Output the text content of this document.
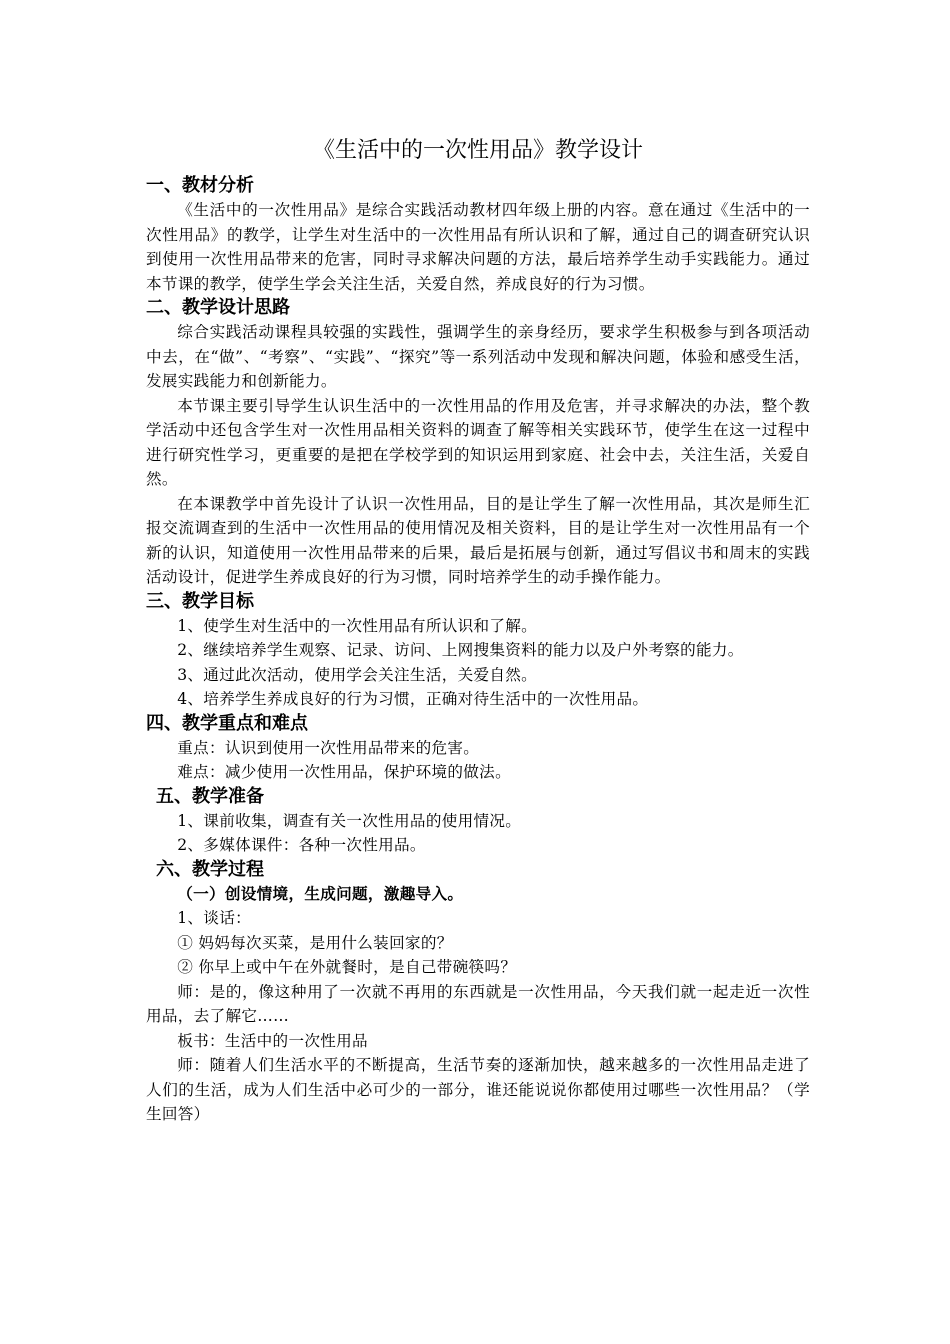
《生活中的一次性用品》教学设计
一、教材分析
《生活中的一次性用品》是综合实践活动教材四年级上册的内容。意在通过《生活中的一次性用品》的教学，让学生对生活中的一次性用品有所认识和了解，通过自己的调查研究认识到使用一次性用品带来的危害，同时寻求解决问题的方法，最后培养学生动手实践能力。通过本节课的教学，使学生学会关注生活，关爱自然，养成良好的行为习惯。
二、教学设计思路
综合实践活动课程具较强的实践性，强调学生的亲身经历，要求学生积极参与到各项活动中去，在“做”、“考察”、“实践”、“探究”等一系列活动中发现和解决问题，体验和感受生活，发展实践能力和创新能力。
本节课主要引导学生认识生活中的一次性用品的作用及危害，并寻求解决的办法，整个教学活动中还包含学生对一次性用品相关资料的调查了解等相关实践环节，使学生在这一过程中进行研究性学习，更重要的是把在学校学到的知识运用到家庭、社会中去，关注生活，关爱自然。
在本课教学中首先设计了认识一次性用品，目的是让学生了解一次性用品，其次是师生汇报交流调查到的生活中一次性用品的使用情况及相关资料，目的是让学生对一次性用品有一个新的认识，知道使用一次性用品带来的后果，最后是拓展与创新，通过写倡议书和周末的实践活动设计，促进学生养成良好的行为习惯，同时培养学生的动手操作能力。
三、教学目标
1、使学生对生活中的一次性用品有所认识和了解。
2、继续培养学生观察、记录、访问、上网搜集资料的能力以及户外考察的能力。
3、通过此次活动，使用学会关注生活，关爱自然。
4、培养学生养成良好的行为习惯，正确对待生活中的一次性用品。
四、教学重点和难点
重点：认识到使用一次性用品带来的危害。
难点：减少使用一次性用品，保护环境的做法。
五、教学准备
1、课前收集，调查有关一次性用品的使用情况。
2、多媒体课件：各种一次性用品。
六、教学过程
（一）创设情境，生成问题，激趣导入。
1、谈话：
① 妈妈每次买菜，是用什么装回家的？
② 你早上或中午在外就餐时，是自己带碗筷吗？
师：是的，像这种用了一次就不再用的东西就是一次性用品，今天我们就一起走近一次性用品，去了解它……
板书：生活中的一次性用品
师：随着人们生活水平的不断提高，生活节奏的逐渐加快，越来越多的一次性用品走进了人们的生活，成为人们生活中必可少的一部分，谁还能说说你都使用过哪些一次性用品？（学生回答）
